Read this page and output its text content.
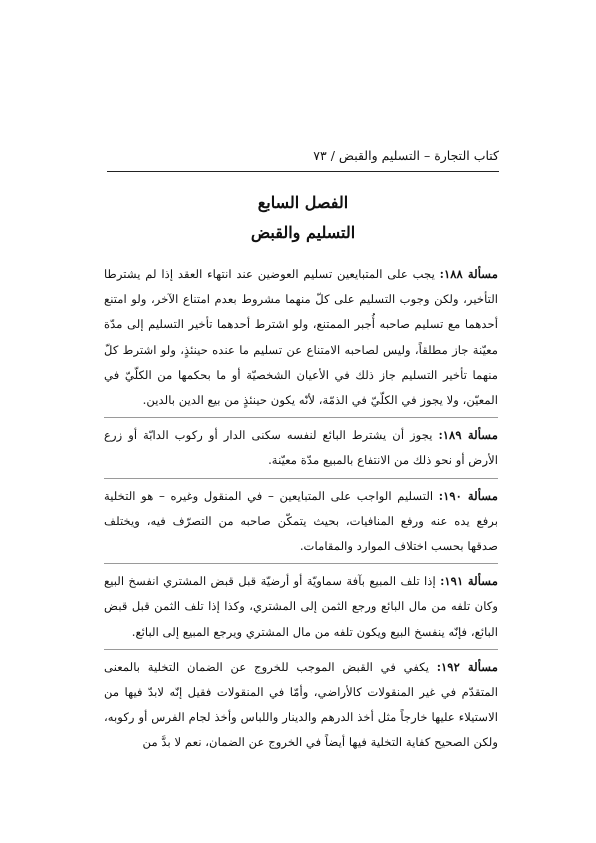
كتاب التجارة – التسليم والقبض / ٧٣
الفصل السابع
التسليم والقبض

مسألة ١٨٨: يجب على المتبايعين تسليم العوضين عند انتهاء العقد إذا لم يشترطا التأخير، ولكن وجوب التسليم على كلّ منهما مشروط بعدم امتناع الآخر، ولو امتنع أحدهما مع تسليم صاحبه أُجبر الممتنع، ولو اشترط أحدهما تأخير التسليم إلى مدّة معيّنة جاز مطلقاً، وليس لصاحبه الامتناع عن تسليم ما عنده حينئذٍ، ولو اشترط كلّ منهما تأخير التسليم جاز ذلك في الأعيان الشخصيّة أو ما بحكمها من الكلّيّ في المعيّن، ولا يجوز في الكلّيّ في الذمّة، لأنّه يكون حينئذٍ من بيع الدين بالدين.

مسألة ١٨٩: يجوز أن يشترط البائع لنفسه سكنى الدار أو ركوب الدابّة أو زرع الأرض أو نحو ذلك من الانتفاع بالمبيع مدّة معيّنة.

مسألة ١٩٠: التسليم الواجب على المتبايعين – في المنقول وغيره – هو التخلية برفع يده عنه ورفع المنافيات، بحيث يتمكّن صاحبه من التصرّف فيه، ويختلف صدقها بحسب اختلاف الموارد والمقامات.

مسألة ١٩١: إذا تلف المبيع بآفة سماويّة أو أرضيّة قبل قبض المشتري انفسخ البيع وكان تلفه من مال البائع ورجع الثمن إلى المشتري، وكذا إذا تلف الثمن قبل قبض البائع، فإنّه ينفسخ البيع ويكون تلفه من مال المشتري ويرجع المبيع إلى البائع.

مسألة ١٩٢: يكفي في القبض الموجب للخروج عن الضمان التخلية بالمعنى المتقدّم في غير المنقولات كالأراضي، وأمّا في المنقولات فقيل إنّه لابدّ فيها من الاستيلاء عليها خارجاً مثل أخذ الدرهم والدينار واللباس وأخذ لجام الفرس أو ركوبه، ولكن الصحيح كفاية التخلية فيها أيضاً في الخروج عن الضمان، نعم لا بدَّ من
